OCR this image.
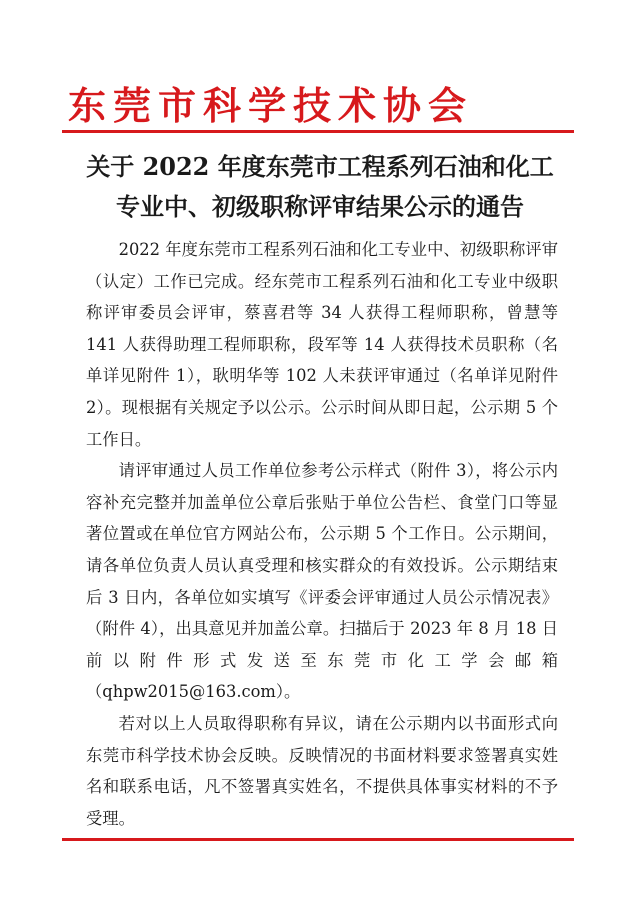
东莞市科学技术协会
关于 2022 年度东莞市工程系列石油和化工
专业中、初级职称评审结果公示的通告

2022 年度东莞市工程系列石油和化工专业中、初级职称评审（认定）工作已完成。经东莞市工程系列石油和化工专业中级职称评审委员会评审，蔡喜君等 34 人获得工程师职称，曾慧等 141 人获得助理工程师职称，段军等 14 人获得技术员职称（名单详见附件 1），耿明华等 102 人未获评审通过（名单详见附件 2）。现根据有关规定予以公示。公示时间从即日起，公示期 5 个工作日。

请评审通过人员工作单位参考公示样式（附件 3），将公示内容补充完整并加盖单位公章后张贴于单位公告栏、食堂门口等显著位置或在单位官方网站公布，公示期 5 个工作日。公示期间，请各单位负责人员认真受理和核实群众的有效投诉。公示期结束后 3 日内，各单位如实填写《评委会评审通过人员公示情况表》（附件 4），出具意见并加盖公章。扫描后于 2023 年 8 月 18 日前以附件形式发送至东莞市化工学会邮箱（qhpw2015@163.com）。

若对以上人员取得职称有异议，请在公示期内以书面形式向东莞市科学技术协会反映。反映情况的书面材料要求签署真实姓名和联系电话，凡不签署真实姓名，不提供具体事实材料的不予受理。
